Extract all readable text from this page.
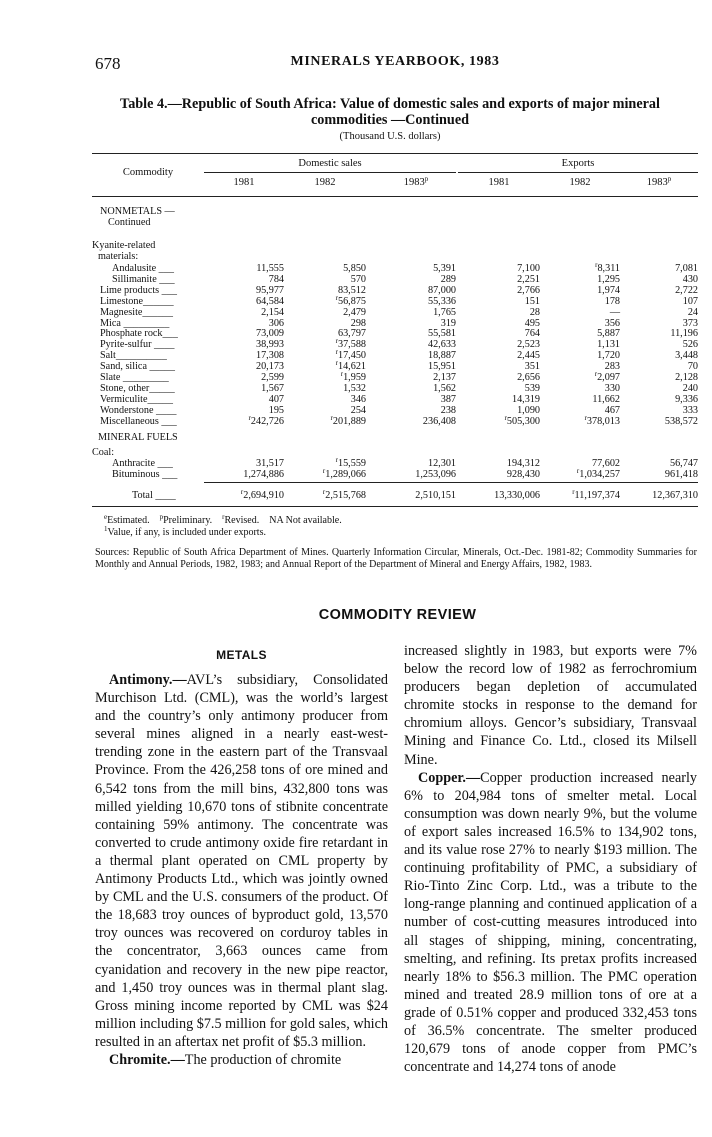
678	MINERALS YEARBOOK, 1983
Table 4.—Republic of South Africa: Value of domestic sales and exports of major mineral
commodities —Continued
(Thousand U.S. dollars)
Commodity
Domestic sales	Exports
1981	1982	1983$^p$	1981	1982	1983$^p$
NONMETALS —
Continued
Kyanite-related
materials:
Andalusite ___	11,555	5,850	5,391	7,100	$^r$8,311	7,081
Sillimanite ___	784	570	289	2,251	1,295	430
Lime products ___	95,977	83,512	87,000	2,766	1,974	2,722
Limestone______	64,584	$^r$56,875	55,336	151	178	107
Magnesite______	2,154	2,479	1,765	28	—	24
Mica _________	306	298	319	495	356	373
Phosphate rock___	73,009	63,797	55,581	764	5,887	11,196
Pyrite-sulfur ____	38,993	$^r$37,588	42,633	2,523	1,131	526
Salt__________	17,308	$^r$17,450	18,887	2,445	1,720	3,448
Sand, silica _____	20,173	$^r$14,621	15,951	351	283	70
Slate _________	2,599	$^r$1,959	2,137	2,656	$^r$2,097	2,128
Stone, other_____	1,567	1,532	1,562	539	330	240
Vermiculite_____	407	346	387	14,319	11,662	9,336
Wonderstone ____	195	254	238	1,090	467	333
Miscellaneous ___	$^r$242,726	$^r$201,889	236,408	$^r$505,300	$^r$378,013	538,572
MINERAL FUELS
Coal:
Anthracite ___	31,517	$^r$15,559	12,301	194,312	77,602	56,747
Bituminous ___	1,274,886	$^r$1,289,066	1,253,096	928,430	$^r$1,034,257	961,418
Total ____	$^r$2,694,910	$^r$2,515,768	2,510,151	13,330,006	$^r$11,197,374	12,367,310
$^e$Estimated. $^p$Preliminary. $^r$Revised. NA Not available.
$^1$Value, if any, is included under exports.
Sources: Republic of South Africa Department of Mines. Quarterly Information Circular, Minerals, Oct.-Dec. 1981-82; Commodity Summaries for Monthly and Annual Periods, 1982, 1983; and Annual Report of the Department of Mineral and Energy Affairs, 1982, 1983.
COMMODITY REVIEW
METALS

Antimony.—AVL’s subsidiary, Consolidated Murchison Ltd. (CML), was the world’s largest and the country’s only antimony producer from several mines aligned in a nearly east-west-trending zone in the eastern part of the Transvaal Province. From the 426,258 tons of ore mined and 6,542 tons from the mill bins, 432,800 tons was milled yielding 10,670 tons of stibnite concentrate containing 59% antimony. The concentrate was converted to crude antimony oxide fire retardant in a thermal plant operated on CML property by Antimony Products Ltd., which was jointly owned by CML and the U.S. consumers of the product. Of the 18,683 troy ounces of byproduct gold, 13,570 troy ounces was recovered on corduroy tables in the concentrator, 3,663 ounces came from cyanidation and recovery in the new pipe reactor, and 1,450 troy ounces was in thermal plant slag. Gross mining income reported by CML was $24 million including $7.5 million for gold sales, which resulted in an aftertax net profit of $5.3 million.

Chromite.—The production of chromite

increased slightly in 1983, but exports were 7% below the record low of 1982 as ferrochromium producers began depletion of accumulated chromite stocks in response to the demand for chromium alloys. Gencor’s subsidiary, Transvaal Mining and Finance Co. Ltd., closed its Milsell Mine.

Copper.—Copper production increased nearly 6% to 204,984 tons of smelter metal. Local consumption was down nearly 9%, but the volume of export sales increased 16.5% to 134,902 tons, and its value rose 27% to nearly $193 million. The continuing profitability of PMC, a subsidiary of Rio-Tinto Zinc Corp. Ltd., was a tribute to the long-range planning and continued application of a number of cost-cutting measures introduced into all stages of shipping, mining, concentrating, smelting, and refining. Its pretax profits increased nearly 18% to $56.3 million. The PMC operation mined and treated 28.9 million tons of ore at a grade of 0.51% copper and produced 332,453 tons of 36.5% concentrate. The smelter produced 120,679 tons of anode copper from PMC’s concentrate and 14,274 tons of anode
